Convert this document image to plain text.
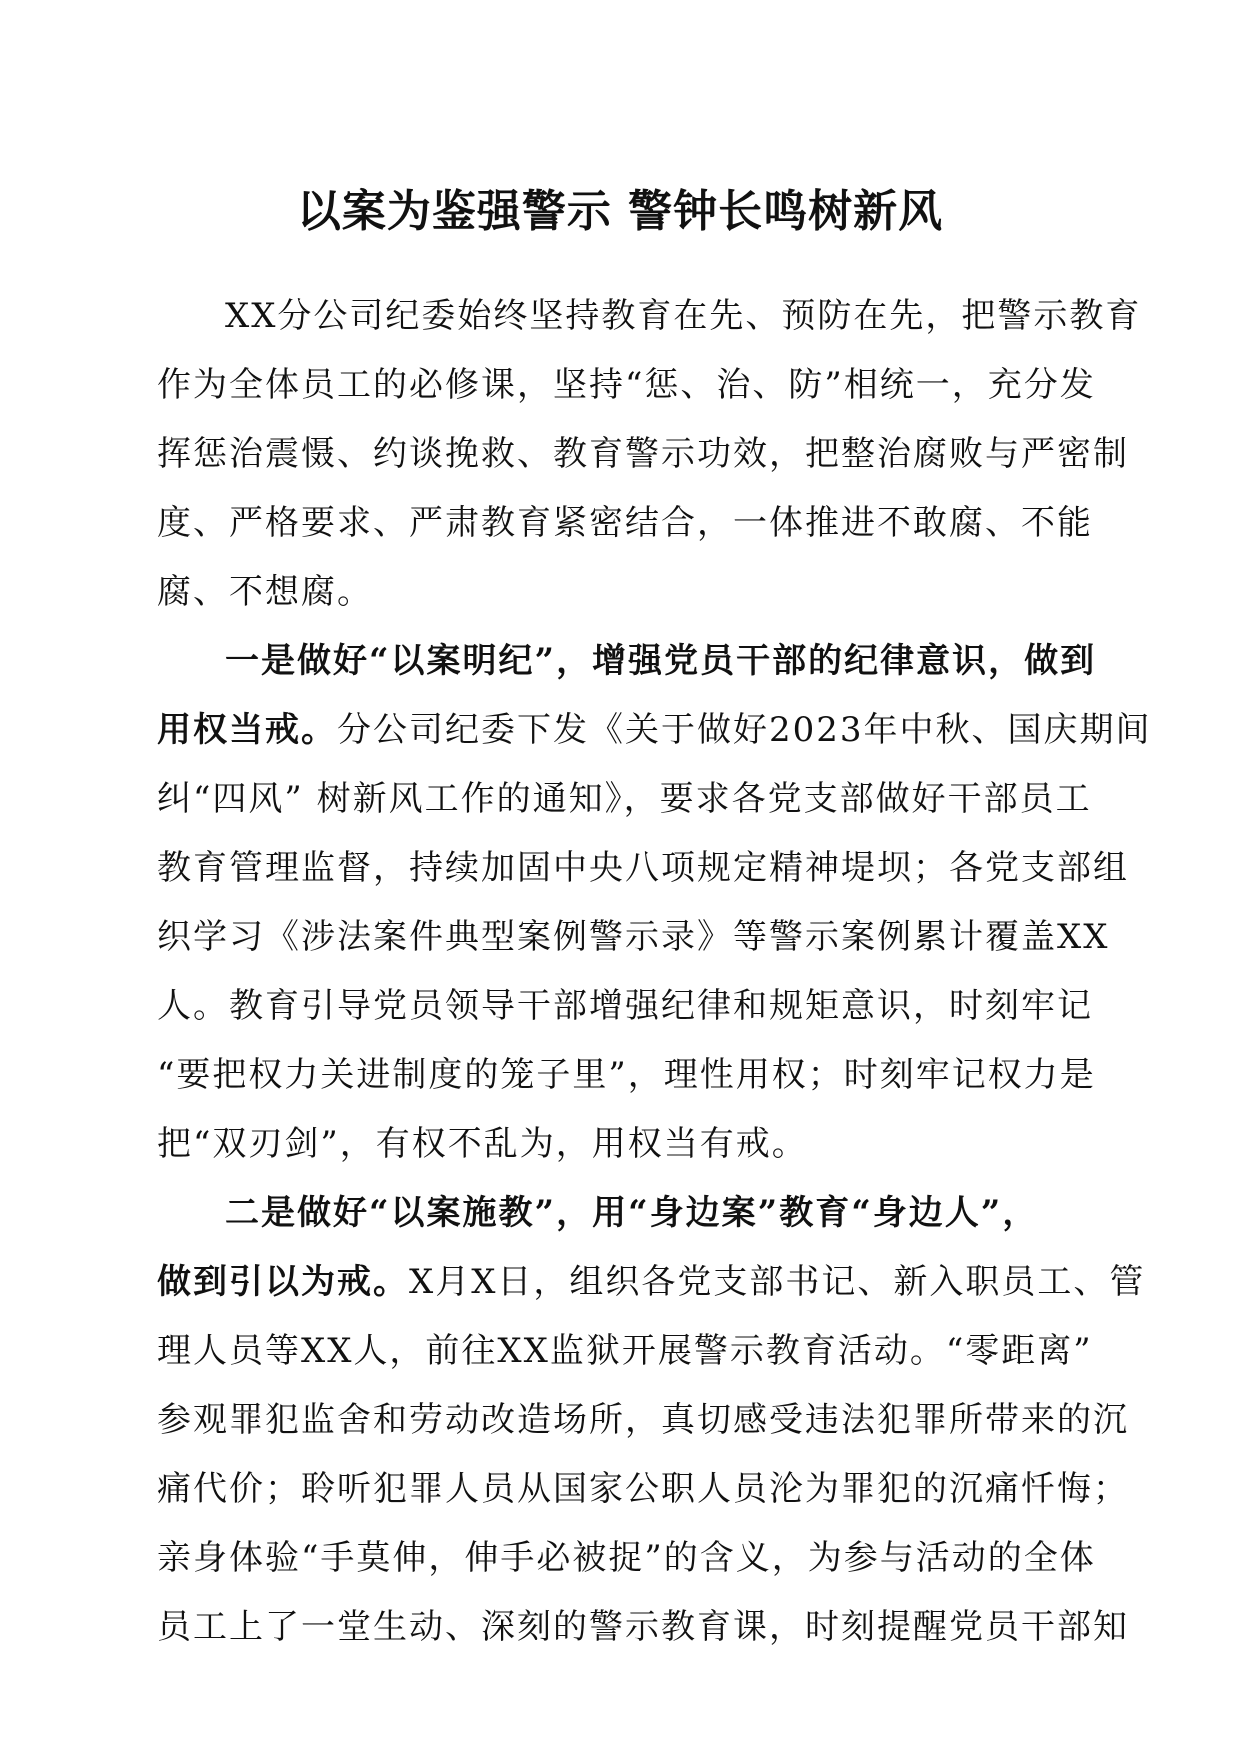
以案为鉴强警示 警钟长鸣树新风
XX分公司纪委始终坚持教育在先、预防在先，把警示教育
作为全体员工的必修课，坚持“惩、治、防”相统一，充分发
挥惩治震慑、约谈挽救、教育警示功效，把整治腐败与严密制
度、严格要求、严肃教育紧密结合，一体推进不敢腐、不能
腐、不想腐。
一是做好“以案明纪”，增强党员干部的纪律意识，做到
用权当戒。分公司纪委下发《关于做好2023年中秋、国庆期间
纠“四风” 树新风工作的通知》，要求各党支部做好干部员工
教育管理监督，持续加固中央八项规定精神堤坝；各党支部组
织学习《涉法案件典型案例警示录》等警示案例累计覆盖XX
人。教育引导党员领导干部增强纪律和规矩意识，时刻牢记
“要把权力关进制度的笼子里”，理性用权；时刻牢记权力是
把“双刃剑”，有权不乱为，用权当有戒。
二是做好“以案施教”，用“身边案”教育“身边人”，
做到引以为戒。X月X日，组织各党支部书记、新入职员工、管
理人员等XX人，前往XX监狱开展警示教育活动。“零距离”
参观罪犯监舍和劳动改造场所，真切感受违法犯罪所带来的沉
痛代价；聆听犯罪人员从国家公职人员沦为罪犯的沉痛忏悔；
亲身体验“手莫伸，伸手必被捉”的含义，为参与活动的全体
员工上了一堂生动、深刻的警示教育课，时刻提醒党员干部知
